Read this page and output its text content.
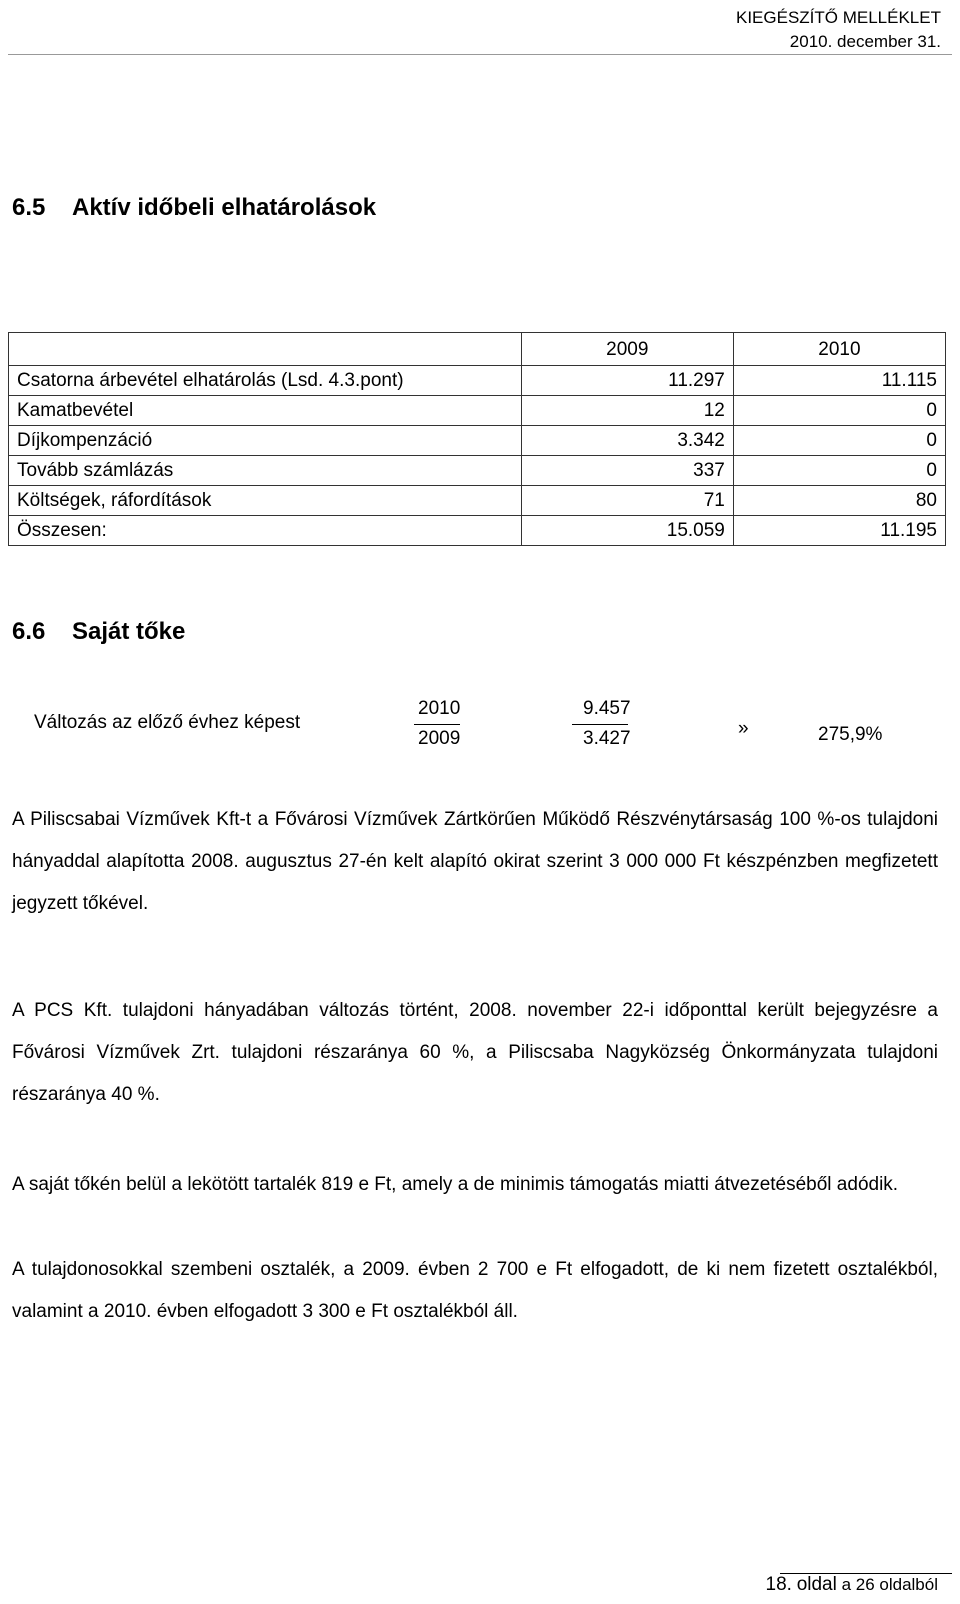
KIEGÉSZÍTŐ MELLÉKLET
2010. december 31.
6.5 Aktív időbeli elhatárolások
	2009	2010
Csatorna árbevétel elhatárolás (Lsd. 4.3.pont)	11.297	11.115
Kamatbevétel	12	0
Díjkompenzáció	3.342	0
Tovább számlázás	337	0
Költségek, ráfordítások	71	80
Összesen:	15.059	11.195
6.6 Saját tőke
Változás az előző évhez képest
2010
2009
9.457
3.427	»	275,9%
A Piliscsabai Vízművek Kft-t a Fővárosi Vízművek Zártkörűen Működő Részvénytársaság 100 %-os tulajdoni hányaddal alapította 2008. augusztus 27-én kelt alapító okirat szerint 3 000 000 Ft készpénzben megfizetett jegyzett tőkével.
A PCS Kft. tulajdoni hányadában változás történt, 2008. november 22-i időponttal került bejegyzésre a Fővárosi Vízművek Zrt. tulajdoni részaránya 60 %, a Piliscsaba Nagyközség Önkormányzata tulajdoni részaránya 40 %.
A saját tőkén belül a lekötött tartalék 819 e Ft, amely a de minimis támogatás miatti átvezetéséből adódik.
A tulajdonosokkal szembeni osztalék, a 2009. évben 2 700 e Ft elfogadott, de ki nem fizetett osztalékból, valamint a 2010. évben elfogadott 3 300 e Ft osztalékból áll.
18. oldal a 26 oldalból
